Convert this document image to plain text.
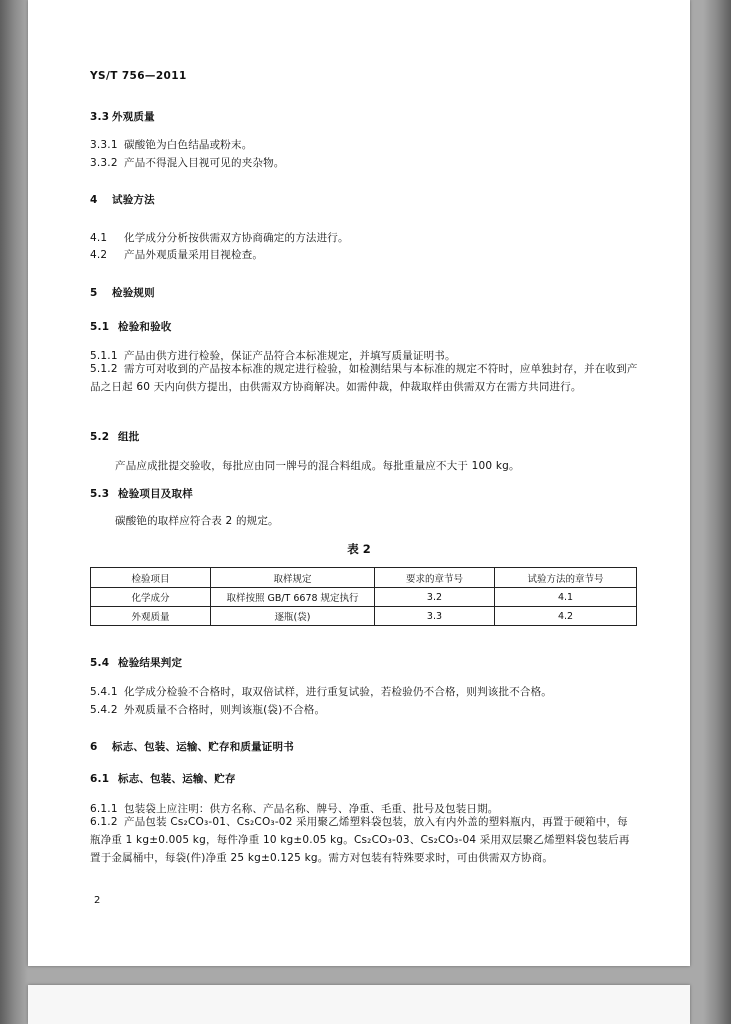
YS/T 756—2011
3.3 外观质量
3.3.1 碳酸铯为白色结晶或粉末。
3.3.2 产品不得混入目视可见的夹杂物。
4 试验方法
4.1 化学成分分析按供需双方协商确定的方法进行。
4.2 产品外观质量采用目视检查。
5 检验规则
5.1 检验和验收
5.1.1 产品由供方进行检验，保证产品符合本标准规定，并填写质量证明书。
5.1.2 需方可对收到的产品按本标准的规定进行检验，如检测结果与本标准的规定不符时，应单独封存，并在收到产品之日起 60 天内向供方提出，由供需双方协商解决。如需仲裁，仲裁取样由供需双方在需方共同进行。
5.2 组批
产品应成批提交验收，每批应由同一牌号的混合料组成。每批重量应不大于 100 kg。
5.3 检验项目及取样
碳酸铯的取样应符合表 2 的规定。
表 2
检验项目	取样规定	要求的章节号	试验方法的章节号
化学成分	取样按照 GB/T 6678 规定执行	3.2	4.1
外观质量	逐瓶(袋)	3.3	4.2
5.4 检验结果判定
5.4.1 化学成分检验不合格时，取双倍试样，进行重复试验，若检验仍不合格，则判该批不合格。
5.4.2 外观质量不合格时，则判该瓶(袋)不合格。
6 标志、包装、运输、贮存和质量证明书
6.1 标志、包装、运输、贮存
6.1.1 包装袋上应注明：供方名称、产品名称、牌号、净重、毛重、批号及包装日期。
6.1.2 产品包装 Cs₂CO₃-01、Cs₂CO₃-02 采用聚乙烯塑料袋包装，放入有内外盖的塑料瓶内，再置于硬箱中，每瓶净重 1 kg±0.005 kg，每件净重 10 kg±0.05 kg。Cs₂CO₃-03、Cs₂CO₃-04 采用双层聚乙烯塑料袋包装后再置于金属桶中，每袋(件)净重 25 kg±0.125 kg。需方对包装有特殊要求时，可由供需双方协商。
2
